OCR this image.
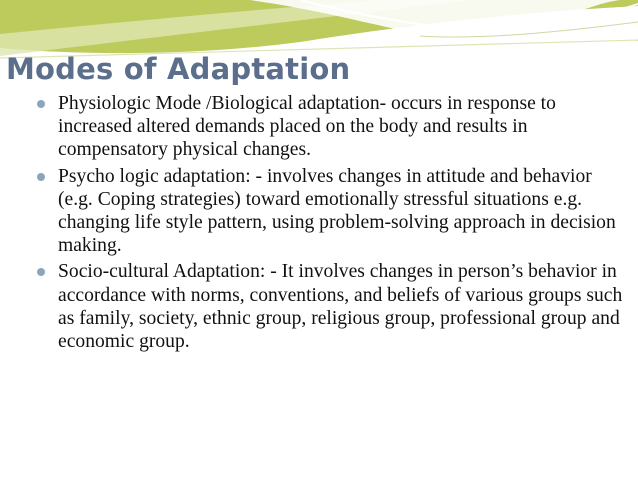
Modes of Adaptation
Physiologic Mode /Biological adaptation- occurs in response to increased altered demands placed on the body and results in compensatory physical changes.
Psycho logic adaptation: - involves changes in attitude and behavior (e.g. Coping strategies) toward emotionally stressful situations e.g. changing life style pattern, using problem-solving approach in decision making.
Socio-cultural Adaptation: - It involves changes in person’s behavior in accordance with norms, conventions, and beliefs of various groups such as family, society, ethnic group, religious group, professional group and economic group.
